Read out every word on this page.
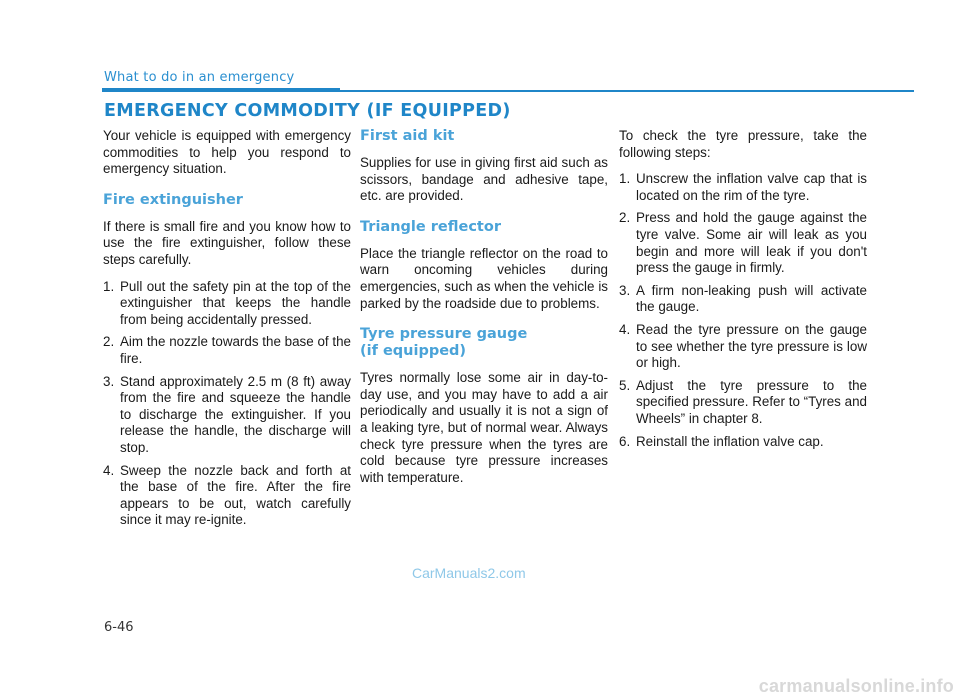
What to do in an emergency
EMERGENCY COMMODITY (IF EQUIPPED)

Your vehicle is equipped with emergency commodities to help you respond to emergency situation.

Fire extinguisher

If there is small fire and you know how to use the fire extinguisher, follow these steps carefully.

1. Pull out the safety pin at the top of the extinguisher that keeps the handle from being accidentally pressed.
2. Aim the nozzle towards the base of the fire.
3. Stand approximately 2.5 m (8 ft) away from the fire and squeeze the handle to discharge the extinguisher. If you release the handle, the discharge will stop.
4. Sweep the nozzle back and forth at the base of the fire. After the fire appears to be out, watch carefully since it may re-ignite.
First aid kit

Supplies for use in giving first aid such as scissors, bandage and adhesive tape, etc. are provided.

Triangle reflector

Place the triangle reflector on the road to warn oncoming vehicles during emergencies, such as when the vehicle is parked by the roadside due to problems.

Tyre pressure gauge
(if equipped)

Tyres normally lose some air in day-to-day use, and you may have to add a air periodically and usually it is not a sign of a leaking tyre, but of normal wear. Always check tyre pressure when the tyres are cold because tyre pressure increases with temperature.

To check the tyre pressure, take the following steps:

1. Unscrew the inflation valve cap that is located on the rim of the tyre.
2. Press and hold the gauge against the tyre valve. Some air will leak as you begin and more will leak if you don't press the gauge in firmly.
3. A firm non-leaking push will activate the gauge.
4. Read the tyre pressure on the gauge to see whether the tyre pressure is low or high.
5. Adjust the tyre pressure to the specified pressure. Refer to “Tyres and Wheels” in chapter 8.
6. Reinstall the inflation valve cap.
CarManuals2.com
6-46
carmanualsonline.info
